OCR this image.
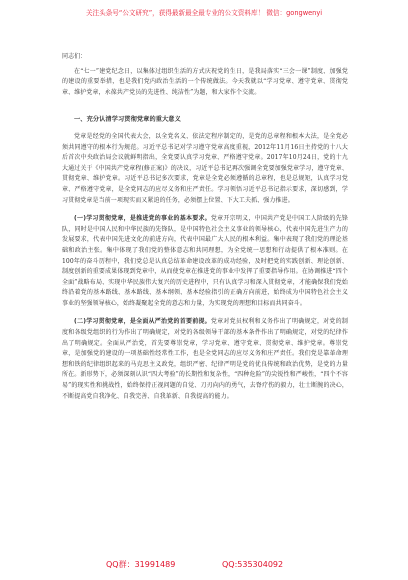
关注头条号“公文研究”，获得最新最全最专业的公文资料库！ 微信：gongwenyi

同志们：

在“七一”建党纪念日，以集体过组织生活的方式庆祝党的生日，是我局落实“三会一课”制度、加强党的建设的重要举措，也是我们党内政治生活的一个传统做法。今天我就以“学习党章、遵守党章、贯彻党章、维护党章，永葆共产党员的先进性、纯洁性”为题，和大家作个交流。

一、充分认清学习贯彻党章的重大意义

党章是经党的全国代表大会，以全党名义、依法定程序制定的，是党的总章程和根本大法，是全党必须共同遵守的根本行为规范。习近平总书记对学习遵守党章高度重视，2012年11月16日主持党的十八大后首次中央政治局会议就鲜明指出，全党要认真学习党章、严格遵守党章。2017年10月24日，党的十九大通过关于《中国共产党章程(修正案)》的决议，习近平总书记再次强调全党要加强党章学习，遵守党章、贯彻党章、维护党章。习近平总书记多次要求，党章是全党必须遵循的总章程，也是总规矩，认真学习党章、严格遵守党章，是全党同志的应尽义务和庄严责任。学习领悟习近平总书记指示要求，深切感到，学习贯彻党章是当前一项现实而又紧迫的任务，必须摆上位置、下大工夫抓、强力推进。

(一)学习贯彻党章，是推进党的事业的基本要求。党章开宗明义，中国共产党是中国工人阶级的先锋队，同时是中国人民和中华民族的先锋队，是中国特色社会主义事业的领导核心，代表中国先进生产力的发展要求，代表中国先进文化的前进方向，代表中国最广大人民的根本利益。集中表现了我们党的理论基础和政治主张。集中体现了我们党的整体意志和共同理想，为全党统一思想和行动提供了根本准则。在100年的奋斗历程中，我们党总是认真总结革命建设改革的成功经验，及时把党的实践创新、理论创新、制度创新的重要成果体现到党章中，从而使党章在推进党的事业中发挥了重要指导作用。在协调推进“四个全面”战略布局、实现中华民族伟大复兴的历史进程中，只有认真学习和深入贯彻党章，才能确保我们党始终沿着党的基本路线、基本路线、基本纲领、基本经验指引的正确方向前进，始终成为中国特色社会主义事业的坚强领导核心，始终凝聚起全党的意志和力量，为实现党的理想和目标而共同奋斗。

(二)学习贯彻党章，是全面从严治党的首要前提。党章对党员权利和义务作出了明确规定，对党的制度和各级党组织的行为作出了明确规定，对党的各级领导干部的基本条件作出了明确规定，对党的纪律作出了明确规定。全面从严治党，首先要尊崇党章，学习党章、遵守党章、贯彻党章、维护党章。尊崇党章，是加强党的建设的一项基础性经常性工作，也是全党同志的应尽义务和庄严责任。我们党是靠革命理想和铁的纪律组织起来的马克思主义政党，组织严密、纪律严明是党的优良传统和政治优势，是党的力量所在。新形势下，必须深刻认识“四大考验”的长期性和复杂性，“四种危险”的尖锐性和严峻性，“四个不容易”的现实性和挑战性，始终保持正视问题的自觉、刀刃向内的勇气，去脊疗伤的毅力，壮士断腕的决心，不断提高党自我净化、自我完善、自我革新、自我提高的能力。

QQ群：31991489	QQ:535304092
